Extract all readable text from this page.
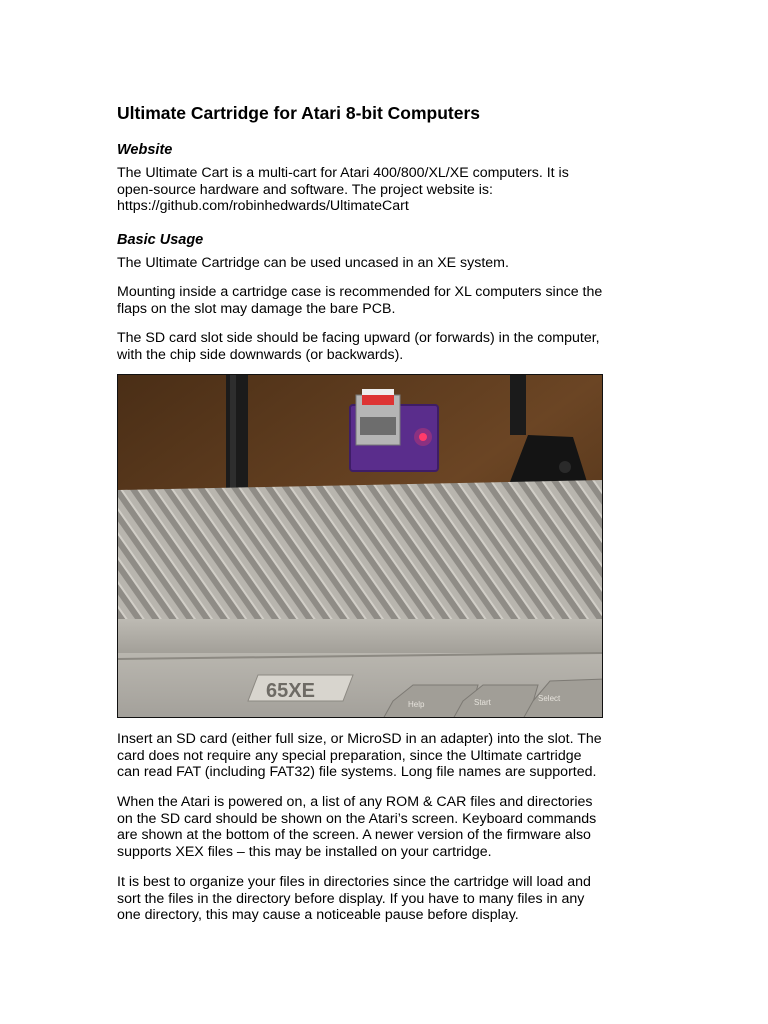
Ultimate Cartridge for Atari 8-bit Computers
Website

The Ultimate Cart is a multi-cart for Atari 400/800/XL/XE computers. It is

open-source hardware and software. The project website is:

https://github.com/robinhedwards/UltimateCart

Basic Usage

The Ultimate Cartridge can be used uncased in an XE system.

Mounting inside a cartridge case is recommended for XL computers since the

flaps on the slot may damage the bare PCB.

The SD card slot side should be facing upward (or forwards) in the computer,

with the chip side downwards (or backwards).

65XE
Help	Start	Select

Insert an SD card (either full size, or MicroSD in an adapter) into the slot. The

card does not require any special preparation, since the Ultimate cartridge

can read FAT (including FAT32) file systems. Long file names are supported.

When the Atari is powered on, a list of any ROM & CAR files and directories

on the SD card should be shown on the Atari’s screen. Keyboard commands

are shown at the bottom of the screen. A newer version of the firmware also

supports XEX files – this may be installed on your cartridge.

It is best to organize your files in directories since the cartridge will load and

sort the files in the directory before display. If you have to many files in any

one directory, this may cause a noticeable pause before display.
